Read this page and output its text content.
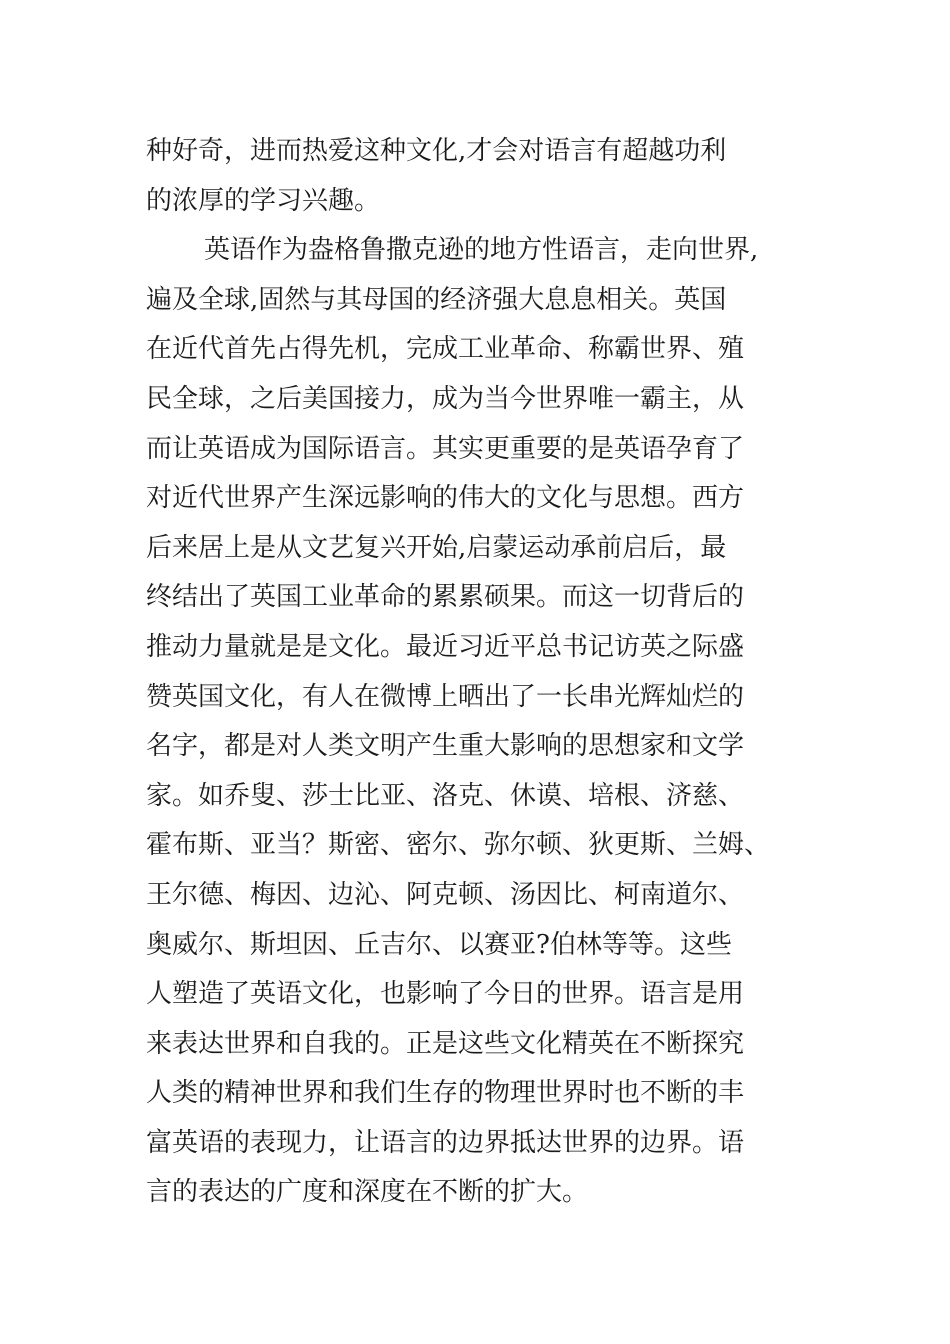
种好奇，进而热爱这种文化,才会对语言有超越功利
的浓厚的学习兴趣。
英语作为盎格鲁撒克逊的地方性语言，走向世界,
遍及全球,固然与其母国的经济强大息息相关。英国
在近代首先占得先机，完成工业革命、称霸世界、殖
民全球，之后美国接力，成为当今世界唯一霸主，从
而让英语成为国际语言。其实更重要的是英语孕育了
对近代世界产生深远影响的伟大的文化与思想。西方
后来居上是从文艺复兴开始,启蒙运动承前启后，最
终结出了英国工业革命的累累硕果。而这一切背后的
推动力量就是是文化。最近习近平总书记访英之际盛
赞英国文化，有人在微博上晒出了一长串光辉灿烂的
名字，都是对人类文明产生重大影响的思想家和文学
家。如乔叟、莎士比亚、洛克、休谟、培根、济慈、
霍布斯、亚当？斯密、密尔、弥尔顿、狄更斯、兰姆、
王尔德、梅因、边沁、阿克顿、汤因比、柯南道尔、
奥威尔、斯坦因、丘吉尔、以赛亚?伯林等等。这些
人塑造了英语文化，也影响了今日的世界。语言是用
来表达世界和自我的。正是这些文化精英在不断探究
人类的精神世界和我们生存的物理世界时也不断的丰
富英语的表现力，让语言的边界抵达世界的边界。语
言的表达的广度和深度在不断的扩大。
